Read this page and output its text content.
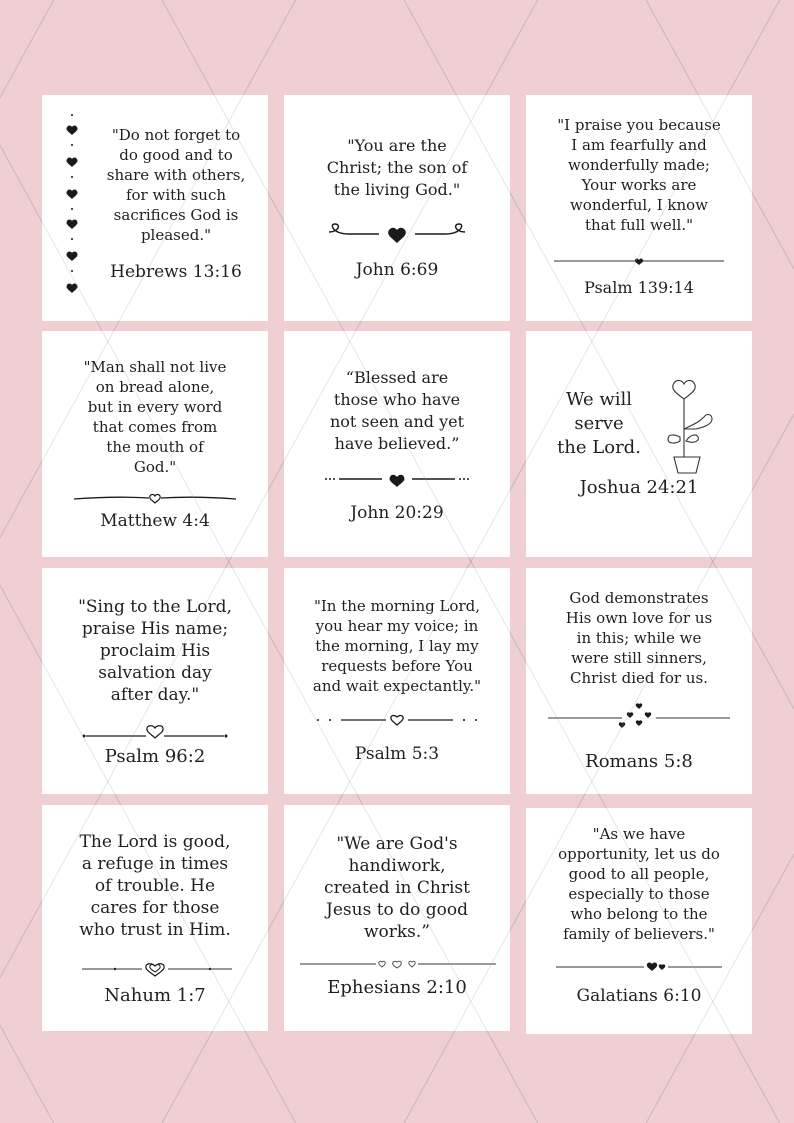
"Do not forget to
do good and to
share with others,
for with such
sacrifices God is
pleased."
Hebrews 13:16
"You are the
Christ; the son of
the living God."
John 6:69
"I praise you because
I am fearfully and
wonderfully made;
Your works are
wonderful, I know
that full well."
Psalm 139:14
"Man shall not live
on bread alone,
but in every word
that comes from
the mouth of
God."
Matthew 4:4
“Blessed are
those who have
not seen and yet
have believed.”
John 20:29
We will
serve
the Lord.
Joshua 24:21
"Sing to the Lord,
praise His name;
proclaim His
salvation day
after day."
Psalm 96:2
"In the morning Lord,
you hear my voice; in
the morning, I lay my
requests before You
and wait expectantly."
Psalm 5:3
God demonstrates
His own love for us
in this; while we
were still sinners,
Christ died for us.
Romans 5:8
The Lord is good,
a refuge in times
of trouble. He
cares for those
who trust in Him.
Nahum 1:7
"We are God's
handiwork,
created in Christ
Jesus to do good
works.”
Ephesians 2:10
"As we have
opportunity, let us do
good to all people,
especially to those
who belong to the
family of believers."
Galatians 6:10
